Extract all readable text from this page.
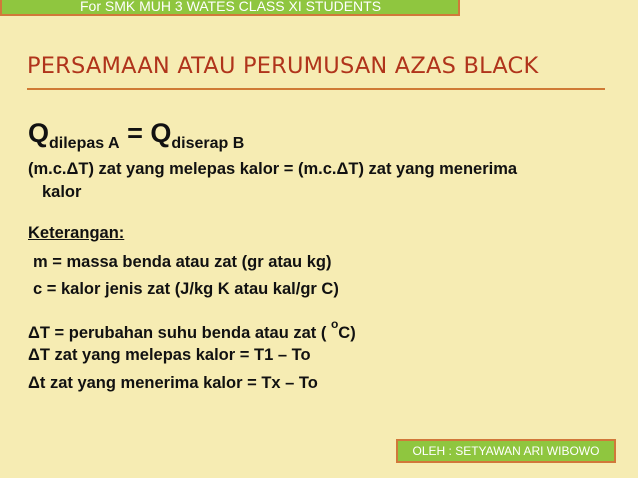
For SMK MUH 3 WATES CLASS XI STUDENTS
PERSAMAAN ATAU PERUMUSAN AZAS BLACK
$Q_{dilepas A} = Q_{diserap B}$
(m.c.ΔT) zat yang melepas kalor = (m.c.ΔT) zat yang menerima
kalor
Keterangan:
m = massa benda atau zat (gr atau kg)
c = kalor jenis zat (J/kg K atau kal/gr C)
ΔT = perubahan suhu benda atau zat ( $^o$C)
ΔT zat yang melepas kalor = T1 – To
Δt zat yang menerima kalor = Tx – To
OLEH : SETYAWAN ARI WIBOWO
